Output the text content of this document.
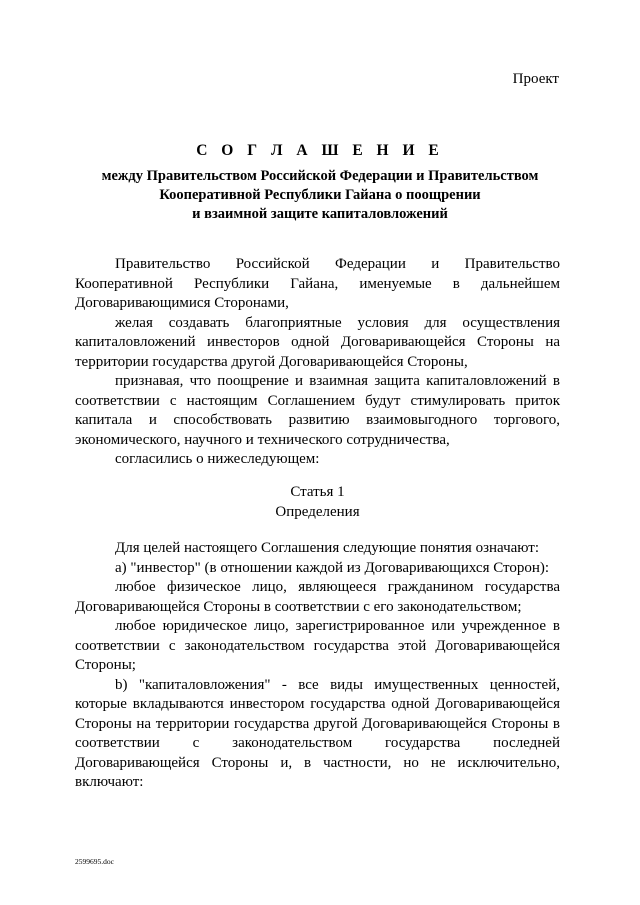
Проект
С О Г Л А Ш Е Н И Е
между Правительством Российской Федерации и Правительством
Кооперативной Республики Гайана о поощрении
и взаимной защите капиталовложений

Правительство Российской Федерации и Правительство Кооперативной Республики Гайана, именуемые в дальнейшем Договаривающимися Сторонами,

желая создавать благоприятные условия для осуществления капиталовложений инвесторов одной Договаривающейся Стороны на территории государства другой Договаривающейся Стороны,

признавая, что поощрение и взаимная защита капиталовложений в соответствии с настоящим Соглашением будут стимулировать приток капитала и способствовать развитию взаимовыгодного торгового, экономического, научного и технического сотрудничества,

согласились о нижеследующем:

Статья 1
Определения

Для целей настоящего Соглашения следующие понятия означают:

a) "инвестор" (в отношении каждой из Договаривающихся Сторон):

любое физическое лицо, являющееся гражданином государства Договаривающейся Стороны в соответствии с его законодательством;

любое юридическое лицо, зарегистрированное или учрежденное в соответствии с законодательством государства этой Договаривающейся Стороны;

b) "капиталовложения" - все виды имущественных ценностей, которые вкладываются инвестором государства одной Договаривающейся Стороны на территории государства другой Договаривающейся Стороны в соответствии с законодательством государства последней Договаривающейся Стороны и, в частности, но не исключительно, включают:

2599695.doc
